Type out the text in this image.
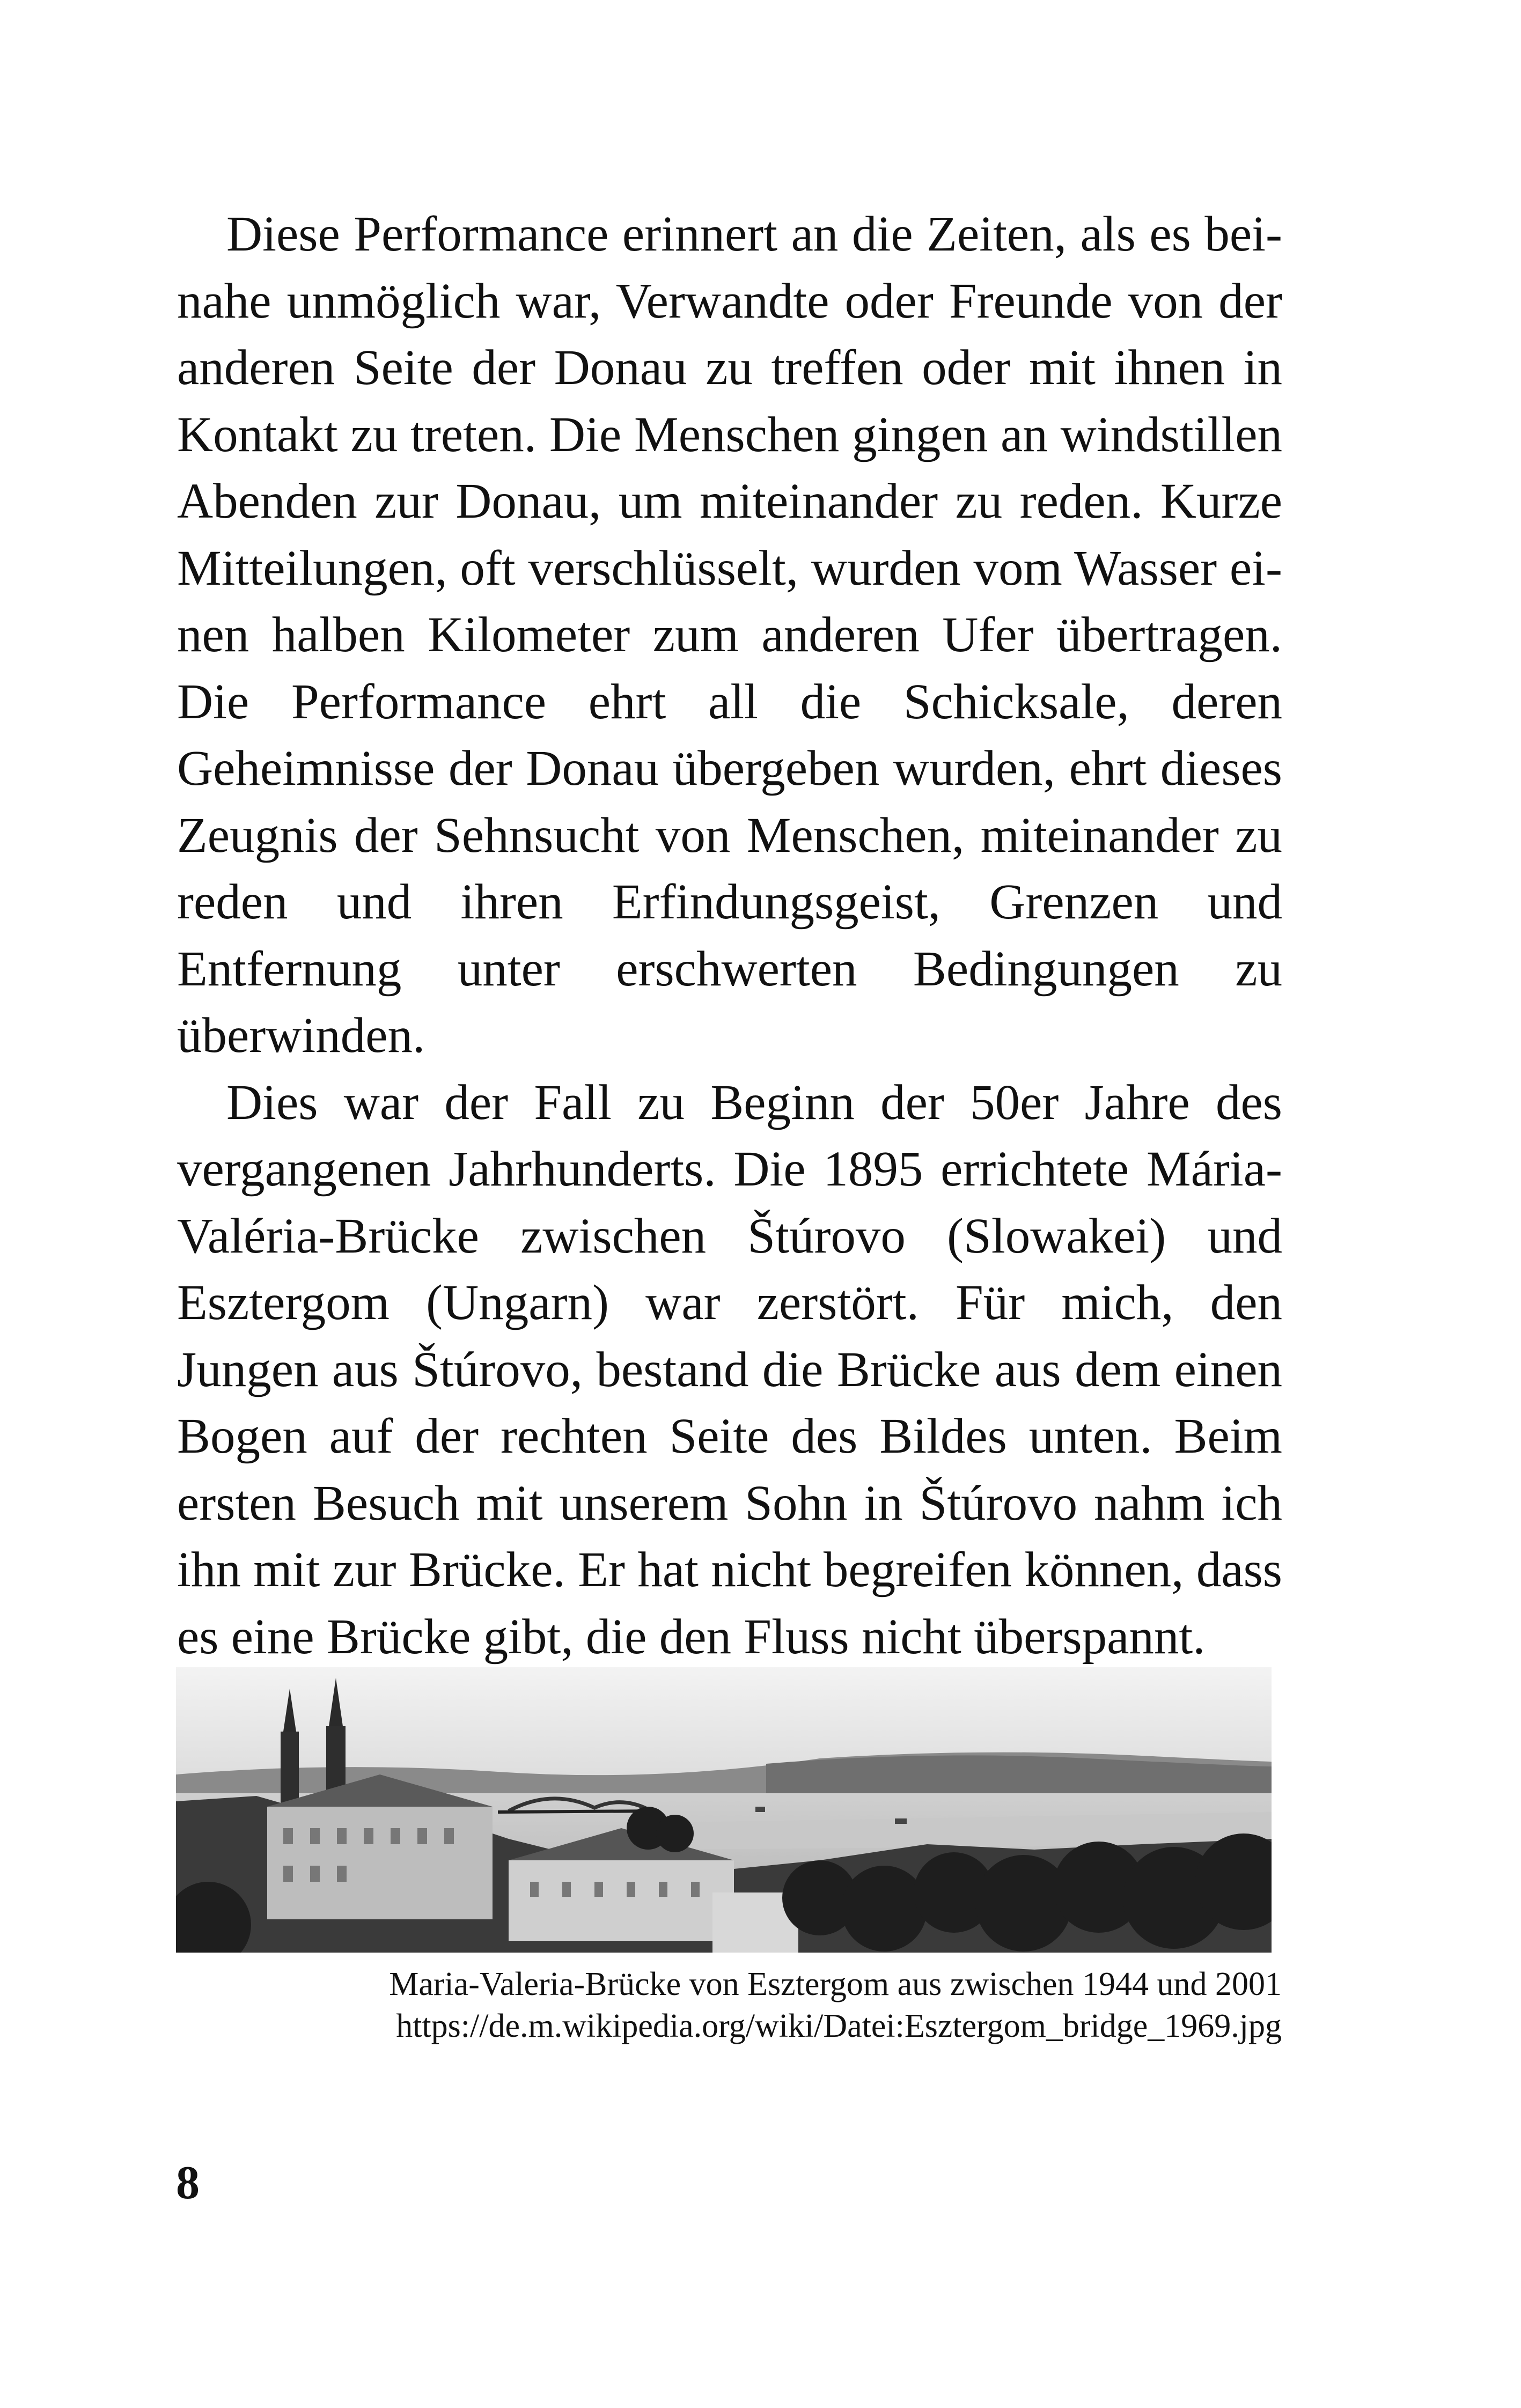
Diese Performance erinnert an die Zeiten, als es beinahe unmöglich war, Verwandte oder Freunde von der anderen Seite der Donau zu treffen oder mit ihnen in Kontakt zu treten. Die Menschen gingen an windstillen Abenden zur Donau, um miteinander zu reden. Kurze Mitteilungen, oft verschlüsselt, wurden vom Wasser einen halben Kilometer zum anderen Ufer übertragen. Die Performance ehrt all die Schicksale, deren Geheimnisse der Donau übergeben wurden, ehrt dieses Zeugnis der Sehnsucht von Menschen, miteinander zu reden und ihren Erfindungsgeist, Grenzen und Entfernung unter erschwerten Bedingungen zu überwinden.

Dies war der Fall zu Beginn der 50er Jahre des vergangenen Jahrhunderts. Die 1895 errichtete Mária-Valéria-Brücke zwischen Štúrovo (Slowakei) und Esztergom (Ungarn) war zerstört. Für mich, den Jungen aus Štúrovo, bestand die Brücke aus dem einen Bogen auf der rechten Seite des Bildes unten. Beim ersten Besuch mit unserem Sohn in Štúrovo nahm ich ihn mit zur Brücke. Er hat nicht begreifen können, dass es eine Brücke gibt, die den Fluss nicht überspannt.

Maria-Valeria-Brücke von Esztergom aus zwischen 1944 und 2001
https://de.m.wikipedia.org/wiki/Datei:Esztergom_bridge_1969.jpg
8
